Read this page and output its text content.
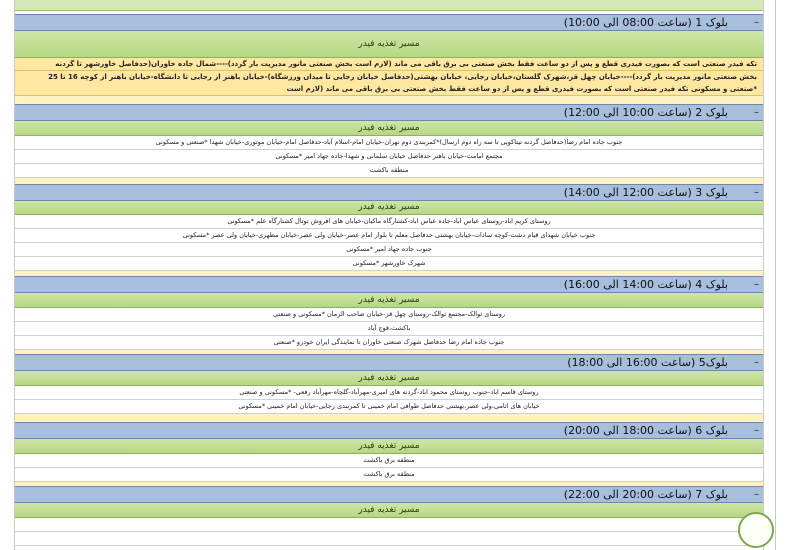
–
بلوک 1 (ساعت 08:00 الی 10:00)
مسیر تغذیه فیدر
تکه فیدر صنعتی است که بصورت فیدری قطع و پس از دو ساعت فقط بخش صنعتی بی برق باقی می ماند (لازم است بخش صنعتی مانور مدیریت بار گردد)----شمال جاده خاوران(حدفاصل خاورشهر تا گردنه
بخش صنعتی مانور مدیریت بار گردد)----خیابان چهل قز،شهرک گلستان،خیابان رجایی، خیابان بهشتی(حدفاصل خیابان رجایی تا میدان ورزشگاه)-خیابان باهنر از رجایی تا دانشگاه-خیابان باهنر از کوچه 16 تا 25 *صنعتی و مسکونی تکه فیدر صنعتی است که بصورت فیدری قطع و پس از دو ساعت فقط بخش صنعتی بی برق باقی می ماند (لازم است
–
بلوک 2 (ساعت 10:00 الی 12:00)
مسیر تغذیه فیدر
جنوب جاده امام رضا(حدفاصل گردنه تیتاکویی تا سه راه دوم ارسال)*کمربندی دوم تهران-خیابان امام-اسلام آباد-حدفاصل امام-خیابان موتوری-خیابان شهدا *صنعتی و مسکونی
مجتمع امامت-خیابان باهنر حدفاصل خیابان سلمانی و شهدا-جاده جهاد امیر *مسکونی
منطقه باکشت
–
بلوک 3 (ساعت 12:00 الی 14:00)
مسیر تغذیه فیدر
روستای کریم اباد-روستای عباس اباد-جاده عباس اباد-کشتارگاه ماکیان-خیابان های افروش توتال کشتارگاه علم *مسکونی
جنوب خیابان شهدای قیام دشت-کوچه سادات-خیابان بهشتی حدفاصل معلم تا بلوار امام عصر-خیابان ولی عصر-خیابان مطهری-خیابان ولی عصر *مسکونی
جنوب جاده جهاد امیر *مسکونی
شهرک خاورشهر *مسکونی
–
بلوک 4 (ساعت 14:00 الی 16:00)
مسیر تغذیه فیدر
روستای ثوالک-مجتمع ثوالک-روستای چهل قز-خیابان صاحب الزمان *مسکونی و صنعتی
باکشت،قوچ آباد
جنوب جاده امام رضا حدفاصل شهرک صنعتی خاوران تا نمایندگی ایران خودرو *صنعتی
–
بلوک5 (ساعت 16:00 الی 18:00)
مسیر تغذیه فیدر
روستای قاسم اباد-جنوب روستای محمود اباد-گردنه های امیری-مهرآباد-گلچاه-مهرآباد رفعی- *مسکونی و صنعتی
خیابان های اثامی،ولی عصر،بهشتی حدفاصل طوافی امام خمینی تا کمربندی رجایی-خیابان امام خمینی *مسکونی
–
بلوک 6 (ساعت 18:00 الی 20:00)
مسیر تغذیه فیدر
منطقه برق باکشت
منطقه برق باکشت
–
بلوک 7 (ساعت 20:00 الی 22:00)
مسیر تغذیه فیدر
